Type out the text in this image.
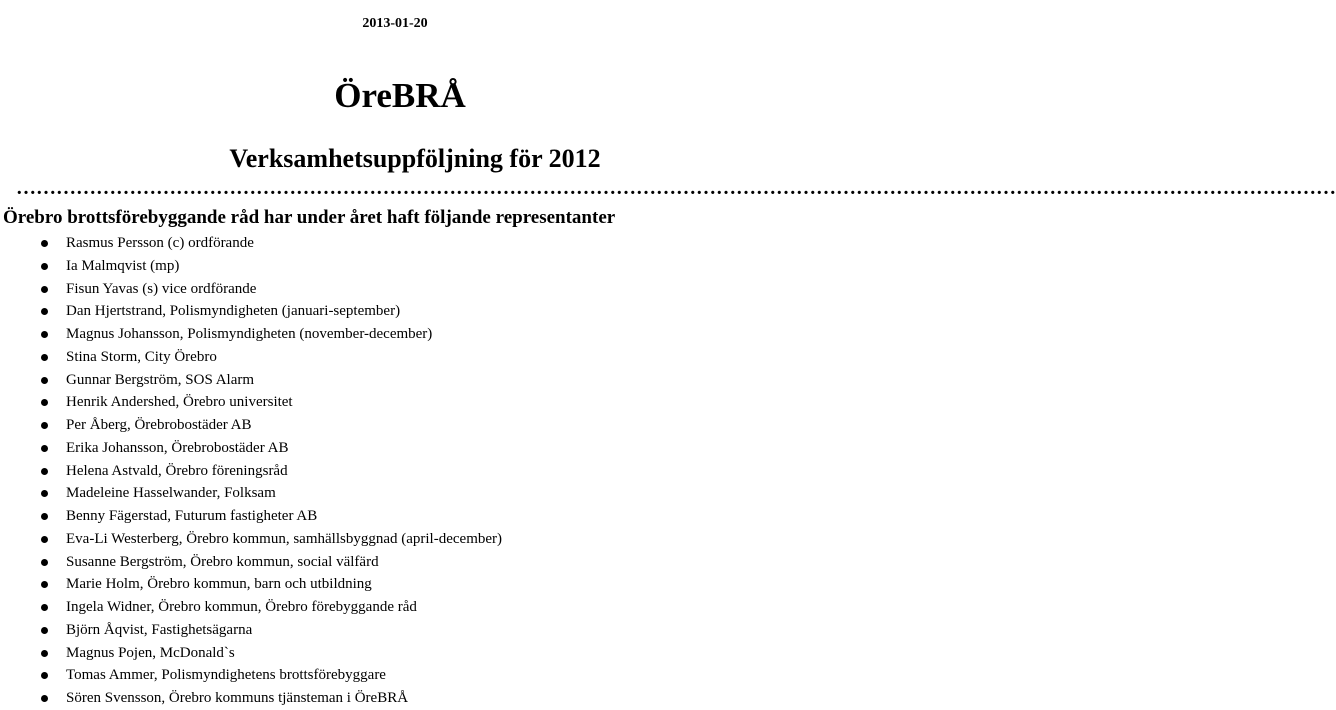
2013-01-20
ÖreBRÅ
Verksamhetsuppföljning för 2012
………………………………………………………………………………………………………………………………………………………………………………
Örebro brottsförebyggande råd har under året haft följande representanter
Rasmus Persson (c) ordförande
Ia Malmqvist (mp)
Fisun Yavas (s) vice ordförande
Dan Hjertstrand, Polismyndigheten (januari-september)
Magnus Johansson, Polismyndigheten (november-december)
Stina Storm, City Örebro
Gunnar Bergström, SOS Alarm
Henrik Andershed, Örebro universitet
Per Åberg, Örebrobostäder AB
Erika Johansson, Örebrobostäder AB
Helena Astvald, Örebro föreningsråd
Madeleine Hasselwander, Folksam
Benny Fägerstad, Futurum fastigheter AB
Eva-Li Westerberg, Örebro kommun, samhällsbyggnad (april-december)
Susanne Bergström, Örebro kommun, social välfärd
Marie Holm, Örebro kommun, barn och utbildning
Ingela Widner, Örebro kommun, Örebro förebyggande råd
Björn Åqvist, Fastighetsägarna
Magnus Pojen, McDonald`s
Tomas Ammer, Polismyndighetens brottsförebyggare
Sören Svensson, Örebro kommuns tjänsteman i ÖreBRÅ
